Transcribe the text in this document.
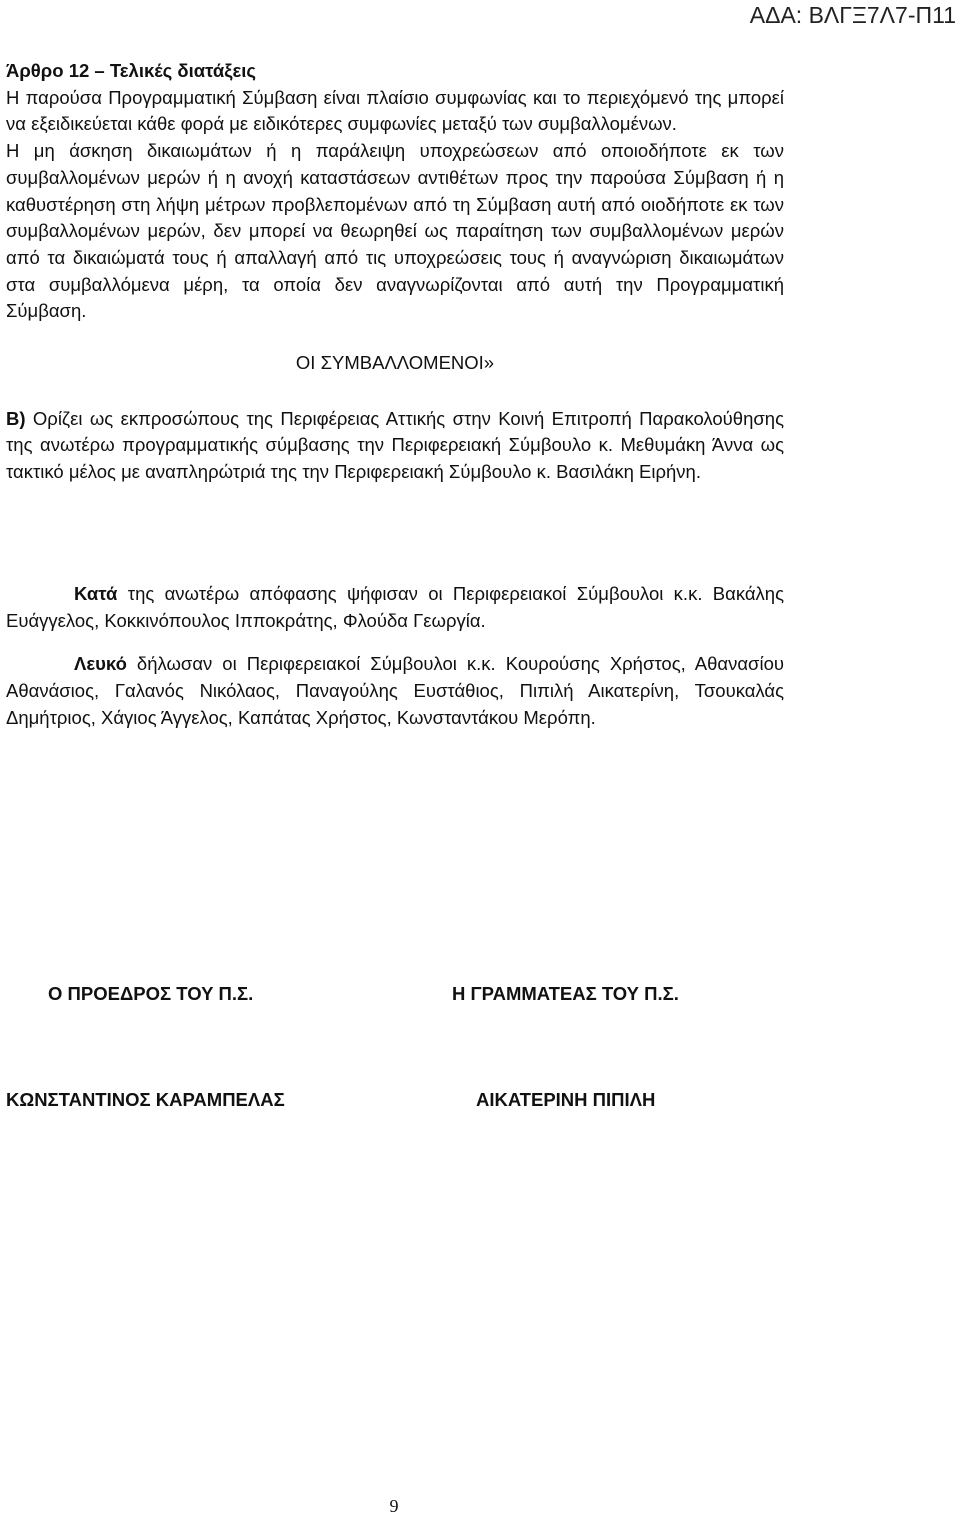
ΑΔΑ: ΒΛΓΞ7Λ7-Π11

Άρθρο 12 – Τελικές διατάξεις

Η παρούσα Προγραμματική Σύμβαση είναι πλαίσιο συμφωνίας και το περιεχόμενό της μπορεί να εξειδικεύεται κάθε φορά με ειδικότερες συμφωνίες μεταξύ των συμβαλλομένων.

Η μη άσκηση δικαιωμάτων ή η παράλειψη υποχρεώσεων από οποιοδήποτε εκ των συμβαλλομένων μερών ή η ανοχή καταστάσεων αντιθέτων προς την παρούσα Σύμβαση ή η καθυστέρηση στη λήψη μέτρων προβλεπομένων από τη Σύμβαση αυτή από οιοδήποτε εκ των συμβαλλομένων μερών, δεν μπορεί να θεωρηθεί ως παραίτηση των συμβαλλομένων μερών από τα δικαιώματά τους ή απαλλαγή από τις υποχρεώσεις τους ή αναγνώριση δικαιωμάτων στα συμβαλλόμενα μέρη, τα οποία δεν αναγνωρίζονται από αυτή την Προγραμματική Σύμβαση.

ΟΙ ΣΥΜΒΑΛΛΟΜΕΝΟΙ»

Β) Ορίζει ως εκπροσώπους της Περιφέρειας Αττικής στην Κοινή Επιτροπή Παρακολούθησης της ανωτέρω προγραμματικής σύμβασης την Περιφερειακή Σύμβουλο κ. Μεθυμάκη Άννα ως τακτικό μέλος με αναπληρώτριά της την Περιφερειακή Σύμβουλο κ. Βασιλάκη Ειρήνη.

Κατά της ανωτέρω απόφασης ψήφισαν οι Περιφερειακοί Σύμβουλοι κ.κ. Βακάλης Ευάγγελος, Κοκκινόπουλος Ιπποκράτης, Φλούδα Γεωργία.

Λευκό δήλωσαν οι Περιφερειακοί Σύμβουλοι κ.κ. Κουρούσης Χρήστος, Αθανασίου Αθανάσιος, Γαλανός Νικόλαος, Παναγούλης Ευστάθιος, Πιπιλή Αικατερίνη, Τσουκαλάς Δημήτριος, Χάγιος Άγγελος, Καπάτας Χρήστος, Κωνσταντάκου Μερόπη.

Ο ΠΡΟΕΔΡΟΣ ΤΟΥ Π.Σ.	Η ΓΡΑΜΜΑΤΕΑΣ ΤΟΥ Π.Σ.
ΚΩΝΣΤΑΝΤΙΝΟΣ ΚΑΡΑΜΠΕΛΑΣ	ΑΙΚΑΤΕΡΙΝΗ ΠΙΠΙΛΗ
9
